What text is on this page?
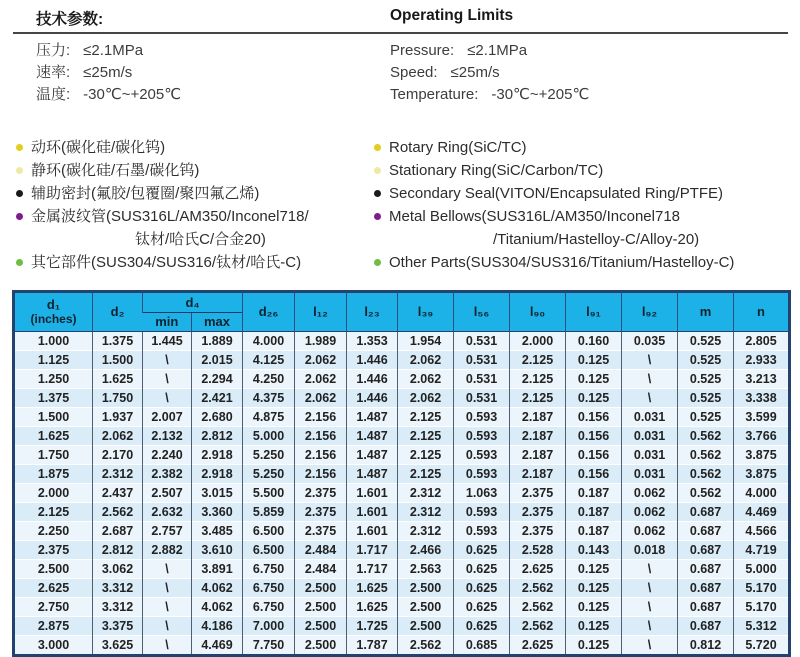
技术参数:	Operating Limits
压力: ≤2.1MPa
速率: ≤25m/s
温度: -30℃~+205℃
Pressure: ≤2.1MPa
Speed: ≤25m/s
Temperature: -30℃~+205℃
动环(碳化硅/碳化钨)
静环(碳化硅/石墨/碳化钨)
辅助密封(氟胶/包覆圈/聚四氟乙烯)
金属波纹管(SUS316L/AM350/Inconel718/
钛材/哈氏C/合金20)
其它部件(SUS304/SUS316/钛材/哈氏-C)
Rotary Ring(SiC/TC)
Stationary Ring(SiC/Carbon/TC)
Secondary Seal(VITON/Encapsulated Ring/PTFE)
Metal Bellows(SUS316L/AM350/Inconel718
/Titanium/Hastelloy-C/Alloy-20)
Other Parts(SUS304/SUS316/Titanium/Hastelloy-C)
d₁
(inches)	d₂	d₄		d₂₆	l₁₂	l₂₃	l₃₉	l₅₆	l₉₀	l₉₁	l₉₂	m	n
		min	max										
1.000	1.375	1.445	1.889	4.000	1.989	1.353	1.954	0.531	2.000	0.160	0.035	0.525	2.805
1.125	1.500	\	2.015	4.125	2.062	1.446	2.062	0.531	2.125	0.125	\	0.525	2.933
1.250	1.625	\	2.294	4.250	2.062	1.446	2.062	0.531	2.125	0.125	\	0.525	3.213
1.375	1.750	\	2.421	4.375	2.062	1.446	2.062	0.531	2.125	0.125	\	0.525	3.338
1.500	1.937	2.007	2.680	4.875	2.156	1.487	2.125	0.593	2.187	0.156	0.031	0.525	3.599
1.625	2.062	2.132	2.812	5.000	2.156	1.487	2.125	0.593	2.187	0.156	0.031	0.562	3.766
1.750	2.170	2.240	2.918	5.250	2.156	1.487	2.125	0.593	2.187	0.156	0.031	0.562	3.875
1.875	2.312	2.382	2.918	5.250	2.156	1.487	2.125	0.593	2.187	0.156	0.031	0.562	3.875
2.000	2.437	2.507	3.015	5.500	2.375	1.601	2.312	1.063	2.375	0.187	0.062	0.562	4.000
2.125	2.562	2.632	3.360	5.859	2.375	1.601	2.312	0.593	2.375	0.187	0.062	0.687	4.469
2.250	2.687	2.757	3.485	6.500	2.375	1.601	2.312	0.593	2.375	0.187	0.062	0.687	4.566
2.375	2.812	2.882	3.610	6.500	2.484	1.717	2.466	0.625	2.528	0.143	0.018	0.687	4.719
2.500	3.062	\	3.891	6.750	2.484	1.717	2.563	0.625	2.625	0.125	\	0.687	5.000
2.625	3.312	\	4.062	6.750	2.500	1.625	2.500	0.625	2.562	0.125	\	0.687	5.170
2.750	3.312	\	4.062	6.750	2.500	1.625	2.500	0.625	2.562	0.125	\	0.687	5.170
2.875	3.375	\	4.186	7.000	2.500	1.725	2.500	0.625	2.562	0.125	\	0.687	5.312
3.000	3.625	\	4.469	7.750	2.500	1.787	2.562	0.685	2.625	0.125	\	0.812	5.720
